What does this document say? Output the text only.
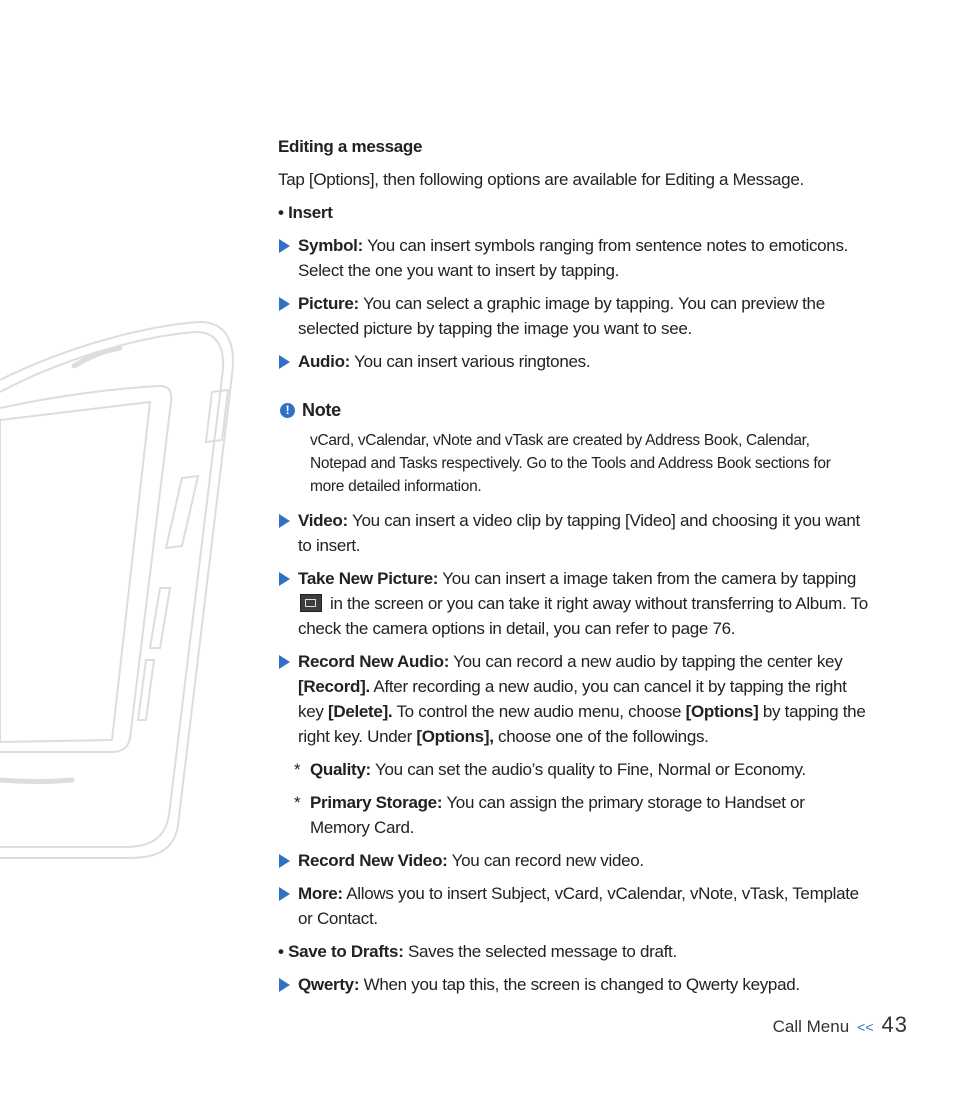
Editing a message
Tap [Options], then following options are available for Editing a Message.
• Insert
Symbol: You can insert symbols ranging from sentence notes to emoticons. Select the one you want to insert by tapping.
Picture: You can select a graphic image by tapping. You can preview the selected picture by tapping the image you want to see.
Audio: You can insert various ringtones.
! Note
vCard, vCalendar, vNote and vTask are created by Address Book, Calendar, Notepad and Tasks respectively. Go to the Tools and Address Book sections for more detailed information.
Video: You can insert a video clip by tapping [Video] and choosing it you want to insert.
Take New Picture: You can insert a image taken from the camera by tapping
in the screen or you can take it right away without transferring to Album. To check the camera options in detail, you can refer to page 76.
Record New Audio: You can record a new audio by tapping the center key [Record]. After recording a new audio, you can cancel it by tapping the right key [Delete]. To control the new audio menu, choose [Options] by tapping the right key. Under [Options], choose one of the followings.
* Quality: You can set the audio’s quality to Fine, Normal or Economy.
* Primary Storage: You can assign the primary storage to Handset or Memory Card.
Record New Video: You can record new video.
More: Allows you to insert Subject, vCard, vCalendar, vNote, vTask, Template or Contact.
• Save to Drafts: Saves the selected message to draft.
Qwerty: When you tap this, the screen is changed to Qwerty keypad.
Call Menu << 43
